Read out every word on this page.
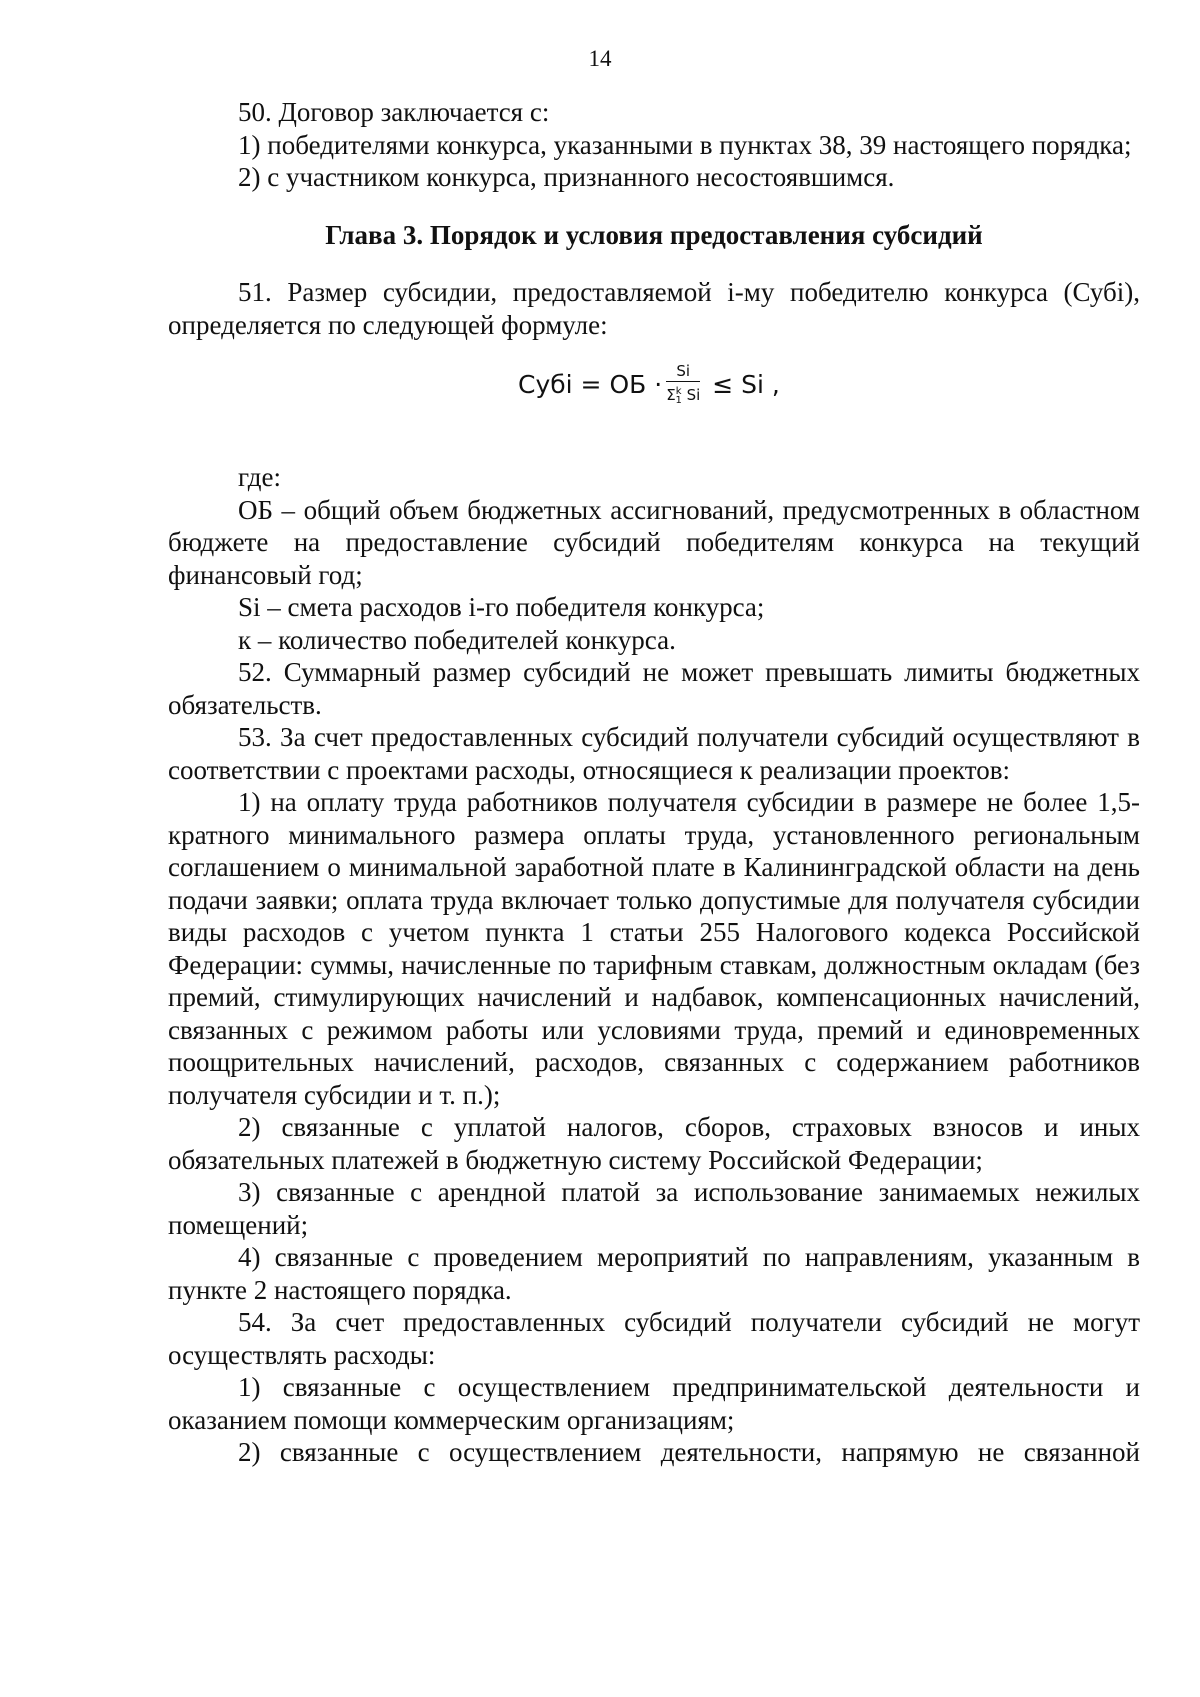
14

50. Договор заключается с:

1) победителями конкурса, указанными в пунктах 38, 39 настоящего порядка;

2) с участником конкурса, признанного несостоявшимся.

Глава 3. Порядок и условия предоставления субсидий

51. Размер субсидии, предоставляемой i-му победителю конкурса (Субi), определяется по следующей формуле:

Субi = ОБ · $\frac{Si}{\Sigma^k_1 Si} \le Si$ ,

где:

ОБ – общий объем бюджетных ассигнований, предусмотренных в областном бюджете на предоставление субсидий победителям конкурса на текущий финансовый год;

Si – смета расходов i-го победителя конкурса;

к – количество победителей конкурса.

52. Суммарный размер субсидий не может превышать лимиты бюджетных обязательств.

53. За счет предоставленных субсидий получатели субсидий осуществляют в соответствии с проектами расходы, относящиеся к реализации проектов:

1) на оплату труда работников получателя субсидии в размере не более 1,5-кратного минимального размера оплаты труда, установленного региональным соглашением о минимальной заработной плате в Калининградской области на день подачи заявки; оплата труда включает только допустимые для получателя субсидии виды расходов с учетом пункта 1 статьи 255 Налогового кодекса Российской Федерации: суммы, начисленные по тарифным ставкам, должностным окладам (без премий, стимулирующих начислений и надбавок, компенсационных начислений, связанных с режимом работы или условиями труда, премий и единовременных поощрительных начислений, расходов, связанных с содержанием работников получателя субсидии и т. п.);

2) связанные с уплатой налогов, сборов, страховых взносов и иных обязательных платежей в бюджетную систему Российской Федерации;

3) связанные с арендной платой за использование занимаемых нежилых помещений;

4) связанные с проведением мероприятий по направлениям, указанным в пункте 2 настоящего порядка.

54. За счет предоставленных субсидий получатели субсидий не могут осуществлять расходы:

1) связанные с осуществлением предпринимательской деятельности и оказанием помощи коммерческим организациям;

2) связанные с осуществлением деятельности, напрямую не связанной
